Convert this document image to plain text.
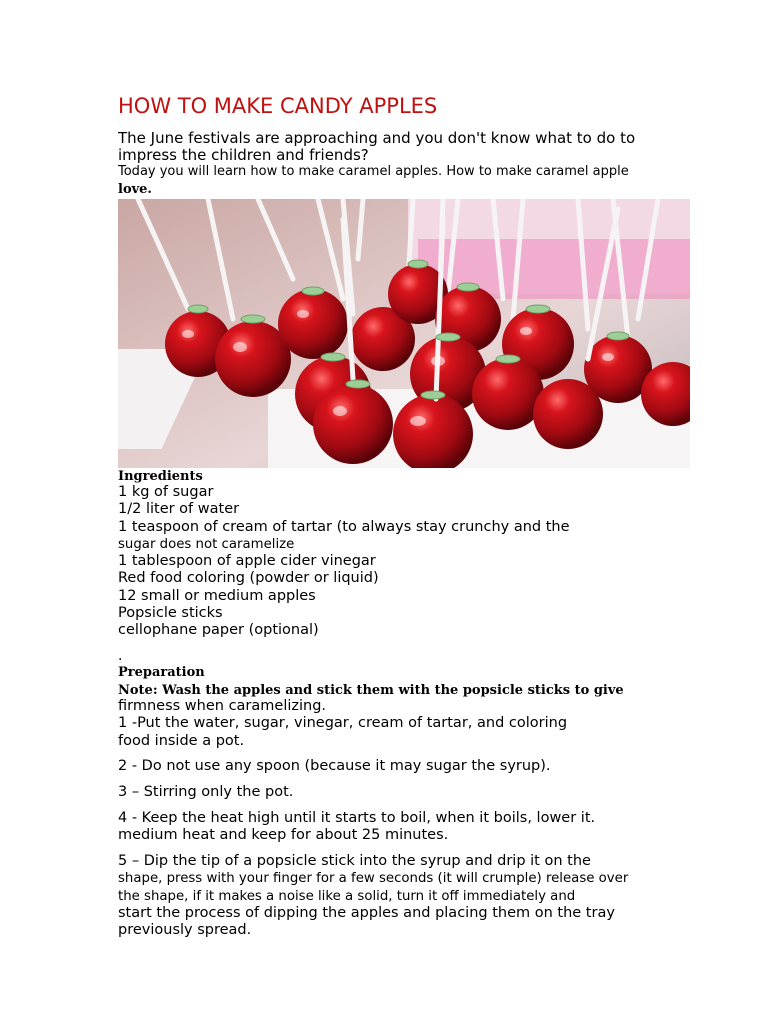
HOW TO MAKE CANDY APPLES
The June festivals are approaching and you don't know what to do to impress the children and friends?
Today you will learn how to make caramel apples. How to make caramel apple
love.
Ingredients
1 kg of sugar
1/2 liter of water
1 teaspoon of cream of tartar (to always stay crunchy and the
sugar does not caramelize
1 tablespoon of apple cider vinegar
Red food coloring (powder or liquid)
12 small or medium apples
Popsicle sticks
cellophane paper (optional)
.
Preparation
Note: Wash the apples and stick them with the popsicle sticks to give

firmness when caramelizing.

1 -Put the water, sugar, vinegar, cream of tartar, and coloring

food inside a pot.

2 - Do not use any spoon (because it may sugar the syrup).

3 – Stirring only the pot.

4 - Keep the heat high until it starts to boil, when it boils, lower it.

medium heat and keep for about 25 minutes.

5 – Dip the tip of a popsicle stick into the syrup and drip it on the

shape, press with your finger for a few seconds (it will crumple) release over

the shape, if it makes a noise like a solid, turn it off immediately and

start the process of dipping the apples and placing them on the tray

previously spread.
